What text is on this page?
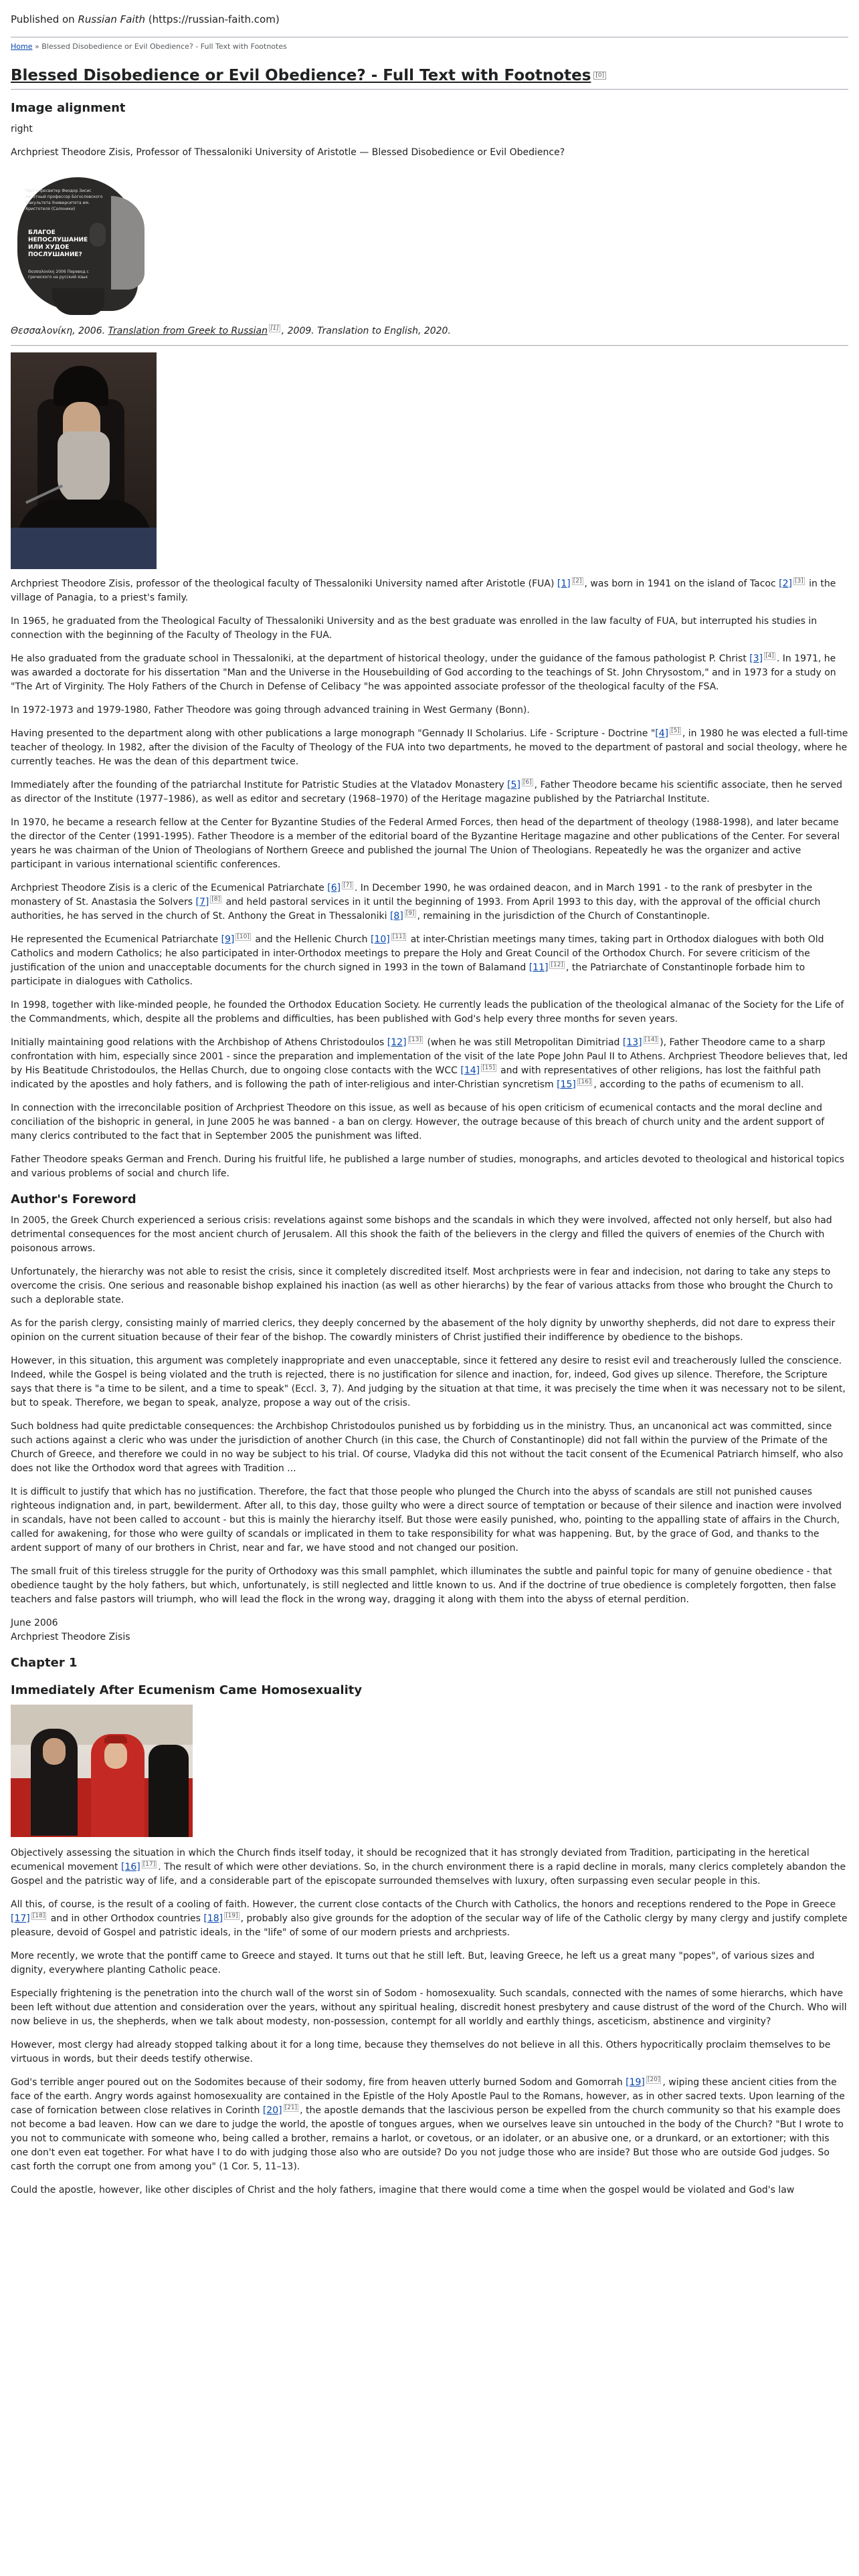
Published on Russian Faith (https://russian-faith.com)
Home » Blessed Disobedience or Evil Obedience? - Full Text with Footnotes
Blessed Disobedience or Evil Obedience? - Full Text with Footnotes [0]
Image alignment

right

Archpriest Theodore Zisis, Professor of Thessaloniki University of Aristotle — Blessed Disobedience or Evil Obedience?

Протопресвитер Феодор Зисис почетный профессор Богословского факультета Университета им. Аристотеля (Салоники)
БЛАГОЕ НЕПОСЛУШАНИЕ ИЛИ ХУДОЕ ПОСЛУШАНИЕ?
Θεσσαλονίκη 2006 Перевод с греческого на русский язык

Θεσσαλονίκη, 2006. Translation from Greek to Russian [1] , 2009. Translation to English, 2020.

Archpriest Theodore Zisis, professor of the theological faculty of Thessaloniki University named after Aristotle (FUA) [1] [2] , was born in 1941 on the island of Tacoc [2] [3] in the village of Panagia, to a priest's family.

In 1965, he graduated from the Theological Faculty of Thessaloniki University and as the best graduate was enrolled in the law faculty of FUA, but interrupted his studies in connection with the beginning of the Faculty of Theology in the FUA.

He also graduated from the graduate school in Thessaloniki, at the department of historical theology, under the guidance of the famous pathologist P. Christ [3] [4] . In 1971, he was awarded a doctorate for his dissertation "Man and the Universe in the Housebuilding of God according to the teachings of St. John Chrysostom," and in 1973 for a study on "The Art of Virginity. The Holy Fathers of the Church in Defense of Celibacy "he was appointed associate professor of the theological faculty of the FSA.

In 1972-1973 and 1979-1980, Father Theodore was going through advanced training in West Germany (Bonn).

Having presented to the department along with other publications a large monograph "Gennady II Scholarius. Life - Scripture - Doctrine "[4] [5] , in 1980 he was elected a full-time teacher of theology. In 1982, after the division of the Faculty of Theology of the FUA into two departments, he moved to the department of pastoral and social theology, where he currently teaches. He was the dean of this department twice.

Immediately after the founding of the patriarchal Institute for Patristic Studies at the Vlatadov Monastery [5] [6] , Father Theodore became his scientific associate, then he served as director of the Institute (1977–1986), as well as editor and secretary (1968–1970) of the Heritage magazine published by the Patriarchal Institute.

In 1970, he became a research fellow at the Center for Byzantine Studies of the Federal Armed Forces, then head of the department of theology (1988-1998), and later became the director of the Center (1991-1995). Father Theodore is a member of the editorial board of the Byzantine Heritage magazine and other publications of the Center. For several years he was chairman of the Union of Theologians of Northern Greece and published the journal The Union of Theologians. Repeatedly he was the organizer and active participant in various international scientific conferences.

Archpriest Theodore Zisis is a cleric of the Ecumenical Patriarchate [6] [7] . In December 1990, he was ordained deacon, and in March 1991 - to the rank of presbyter in the monastery of St. Anastasia the Solvers [7] [8] and held pastoral services in it until the beginning of 1993. From April 1993 to this day, with the approval of the official church authorities, he has served in the church of St. Anthony the Great in Thessaloniki [8] [9] , remaining in the jurisdiction of the Church of Constantinople.

He represented the Ecumenical Patriarchate [9] [10] and the Hellenic Church [10] [11] at inter-Christian meetings many times, taking part in Orthodox dialogues with both Old Catholics and modern Catholics; he also participated in inter-Orthodox meetings to prepare the Holy and Great Council of the Orthodox Church. For severe criticism of the justification of the union and unacceptable documents for the church signed in 1993 in the town of Balamand [11] [12] , the Patriarchate of Constantinople forbade him to participate in dialogues with Catholics.

In 1998, together with like-minded people, he founded the Orthodox Education Society. He currently leads the publication of the theological almanac of the Society for the Life of the Commandments, which, despite all the problems and difficulties, has been published with God's help every three months for seven years.

Initially maintaining good relations with the Archbishop of Athens Christodoulos [12] [13] (when he was still Metropolitan Dimitriad [13] [14] ), Father Theodore came to a sharp confrontation with him, especially since 2001 - since the preparation and implementation of the visit of the late Pope John Paul II to Athens. Archpriest Theodore believes that, led by His Beatitude Christodoulos, the Hellas Church, due to ongoing close contacts with the WCC [14] [15] and with representatives of other religions, has lost the faithful path indicated by the apostles and holy fathers, and is following the path of inter-religious and inter-Christian syncretism [15] [16] , according to the paths of ecumenism to all.

In connection with the irreconcilable position of Archpriest Theodore on this issue, as well as because of his open criticism of ecumenical contacts and the moral decline and conciliation of the bishopric in general, in June 2005 he was banned - a ban on clergy. However, the outrage because of this breach of church unity and the ardent support of many clerics contributed to the fact that in September 2005 the punishment was lifted.

Father Theodore speaks German and French. During his fruitful life, he published a large number of studies, monographs, and articles devoted to theological and historical topics and various problems of social and church life.

Author's Foreword

In 2005, the Greek Church experienced a serious crisis: revelations against some bishops and the scandals in which they were involved, affected not only herself, but also had detrimental consequences for the most ancient church of Jerusalem. All this shook the faith of the believers in the clergy and filled the quivers of enemies of the Church with poisonous arrows.

Unfortunately, the hierarchy was not able to resist the crisis, since it completely discredited itself. Most archpriests were in fear and indecision, not daring to take any steps to overcome the crisis. One serious and reasonable bishop explained his inaction (as well as other hierarchs) by the fear of various attacks from those who brought the Church to such a deplorable state.

As for the parish clergy, consisting mainly of married clerics, they deeply concerned by the abasement of the holy dignity by unworthy shepherds, did not dare to express their opinion on the current situation because of their fear of the bishop. The cowardly ministers of Christ justified their indifference by obedience to the bishops.

However, in this situation, this argument was completely inappropriate and even unacceptable, since it fettered any desire to resist evil and treacherously lulled the conscience. Indeed, while the Gospel is being violated and the truth is rejected, there is no justification for silence and inaction, for, indeed, God gives up silence. Therefore, the Scripture says that there is "a time to be silent, and a time to speak" (Eccl. 3, 7). And judging by the situation at that time, it was precisely the time when it was necessary not to be silent, but to speak. Therefore, we began to speak, analyze, propose a way out of the crisis.

Such boldness had quite predictable consequences: the Archbishop Christodoulos punished us by forbidding us in the ministry. Thus, an uncanonical act was committed, since such actions against a cleric who was under the jurisdiction of another Church (in this case, the Church of Constantinople) did not fall within the purview of the Primate of the Church of Greece, and therefore we could in no way be subject to his trial. Of course, Vladyka did this not without the tacit consent of the Ecumenical Patriarch himself, who also does not like the Orthodox word that agrees with Tradition ...

It is difficult to justify that which has no justification. Therefore, the fact that those people who plunged the Church into the abyss of scandals are still not punished causes righteous indignation and, in part, bewilderment. After all, to this day, those guilty who were a direct source of temptation or because of their silence and inaction were involved in scandals, have not been called to account - but this is mainly the hierarchy itself. But those were easily punished, who, pointing to the appalling state of affairs in the Church, called for awakening, for those who were guilty of scandals or implicated in them to take responsibility for what was happening. But, by the grace of God, and thanks to the ardent support of many of our brothers in Christ, near and far, we have stood and not changed our position.

The small fruit of this tireless struggle for the purity of Orthodoxy was this small pamphlet, which illuminates the subtle and painful topic for many of genuine obedience - that obedience taught by the holy fathers, but which, unfortunately, is still neglected and little known to us. And if the doctrine of true obedience is completely forgotten, then false teachers and false pastors will triumph, who will lead the flock in the wrong way, dragging it along with them into the abyss of eternal perdition.

June 2006
Archpriest Theodore Zisis
Chapter 1
Immediately After Ecumenism Came Homosexuality

Objectively assessing the situation in which the Church finds itself today, it should be recognized that it has strongly deviated from Tradition, participating in the heretical ecumenical movement [16] [17] . The result of which were other deviations. So, in the church environment there is a rapid decline in morals, many clerics completely abandon the Gospel and the patristic way of life, and a considerable part of the episcopate surrounded themselves with luxury, often surpassing even secular people in this.

All this, of course, is the result of a cooling of faith. However, the current close contacts of the Church with Catholics, the honors and receptions rendered to the Pope in Greece [17] [18] and in other Orthodox countries [18] [19] , probably also give grounds for the adoption of the secular way of life of the Catholic clergy by many clergy and justify complete pleasure, devoid of Gospel and patristic ideals, in the "life" of some of our modern priests and archpriests.

More recently, we wrote that the pontiff came to Greece and stayed. It turns out that he still left. But, leaving Greece, he left us a great many "popes", of various sizes and dignity, everywhere planting Catholic peace.

Especially frightening is the penetration into the church wall of the worst sin of Sodom - homosexuality. Such scandals, connected with the names of some hierarchs, which have been left without due attention and consideration over the years, without any spiritual healing, discredit honest presbytery and cause distrust of the word of the Church. Who will now believe in us, the shepherds, when we talk about modesty, non-possession, contempt for all worldly and earthly things, asceticism, abstinence and virginity?

However, most clergy had already stopped talking about it for a long time, because they themselves do not believe in all this. Others hypocritically proclaim themselves to be virtuous in words, but their deeds testify otherwise.

God's terrible anger poured out on the Sodomites because of their sodomy, fire from heaven utterly burned Sodom and Gomorrah [19] [20] , wiping these ancient cities from the face of the earth. Angry words against homosexuality are contained in the Epistle of the Holy Apostle Paul to the Romans, however, as in other sacred texts. Upon learning of the case of fornication between close relatives in Corinth [20] [21] , the apostle demands that the lascivious person be expelled from the church community so that his example does not become a bad leaven. How can we dare to judge the world, the apostle of tongues argues, when we ourselves leave sin untouched in the body of the Church? "But I wrote to you not to communicate with someone who, being called a brother, remains a harlot, or covetous, or an idolater, or an abusive one, or a drunkard, or an extortioner; with this one don't even eat together. For what have I to do with judging those also who are outside? Do you not judge those who are inside? But those who are outside God judges. So cast forth the corrupt one from among you" (1 Cor. 5, 11–13).

Could the apostle, however, like other disciples of Christ and the holy fathers, imagine that there would come a time when the gospel would be violated and God's law
